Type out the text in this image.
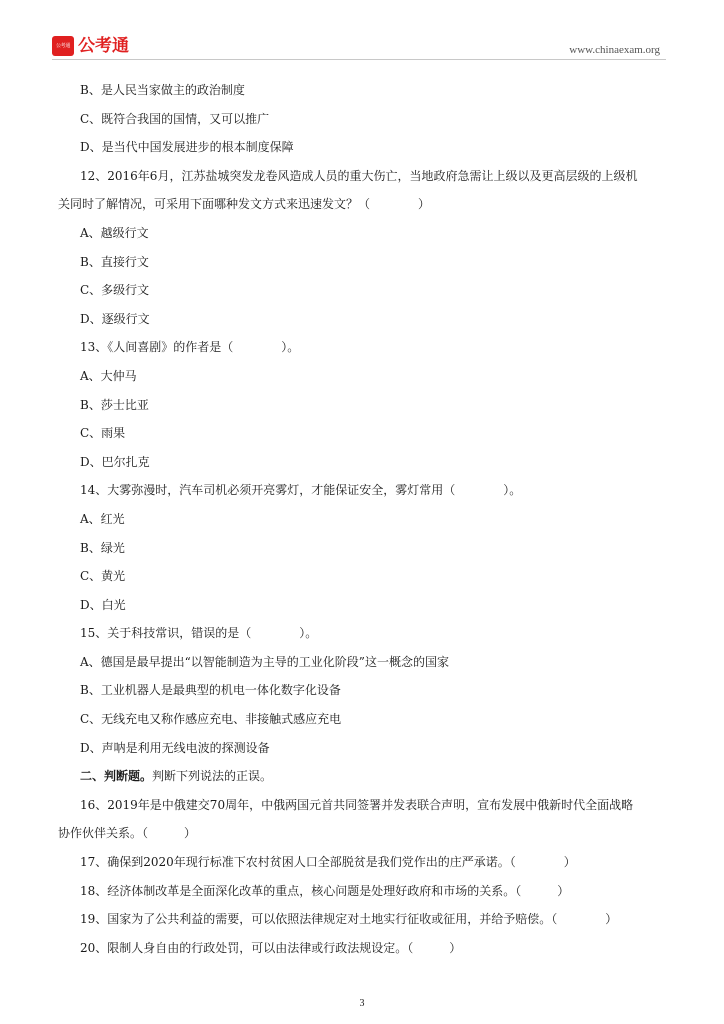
公考通 公考通	www.chinaexam.org
B、是人民当家做主的政治制度
C、既符合我国的国情，又可以推广
D、是当代中国发展进步的根本制度保障
12、2016年6月，江苏盐城突发龙卷风造成人员的重大伤亡，当地政府急需让上级以及更高层级的上级机
关同时了解情况，可采用下面哪种发文方式来迅速发文？（　　　　）
A、越级行文
B、直接行文
C、多级行文
D、逐级行文
13、《人间喜剧》的作者是（　　　　）。
A、大仲马
B、莎士比亚
C、雨果
D、巴尔扎克
14、大雾弥漫时，汽车司机必须开亮雾灯，才能保证安全，雾灯常用（　　　　）。
A、红光
B、绿光
C、黄光
D、白光
15、关于科技常识，错误的是（　　　　）。
A、德国是最早提出“以智能制造为主导的工业化阶段”这一概念的国家
B、工业机器人是最典型的机电一体化数字化设备
C、无线充电又称作感应充电、非接触式感应充电
D、声呐是利用无线电波的探测设备
二、判断题。判断下列说法的正误。
16、2019年是中俄建交70周年，中俄两国元首共同签署并发表联合声明，宣布发展中俄新时代全面战略
协作伙伴关系。（　　　）
17、确保到2020年现行标准下农村贫困人口全部脱贫是我们党作出的庄严承诺。（　　　　）
18、经济体制改革是全面深化改革的重点，核心问题是处理好政府和市场的关系。（　　　）
19、国家为了公共利益的需要，可以依照法律规定对土地实行征收或征用，并给予赔偿。（　　　　）
20、限制人身自由的行政处罚，可以由法律或行政法规设定。（　　　）
3
